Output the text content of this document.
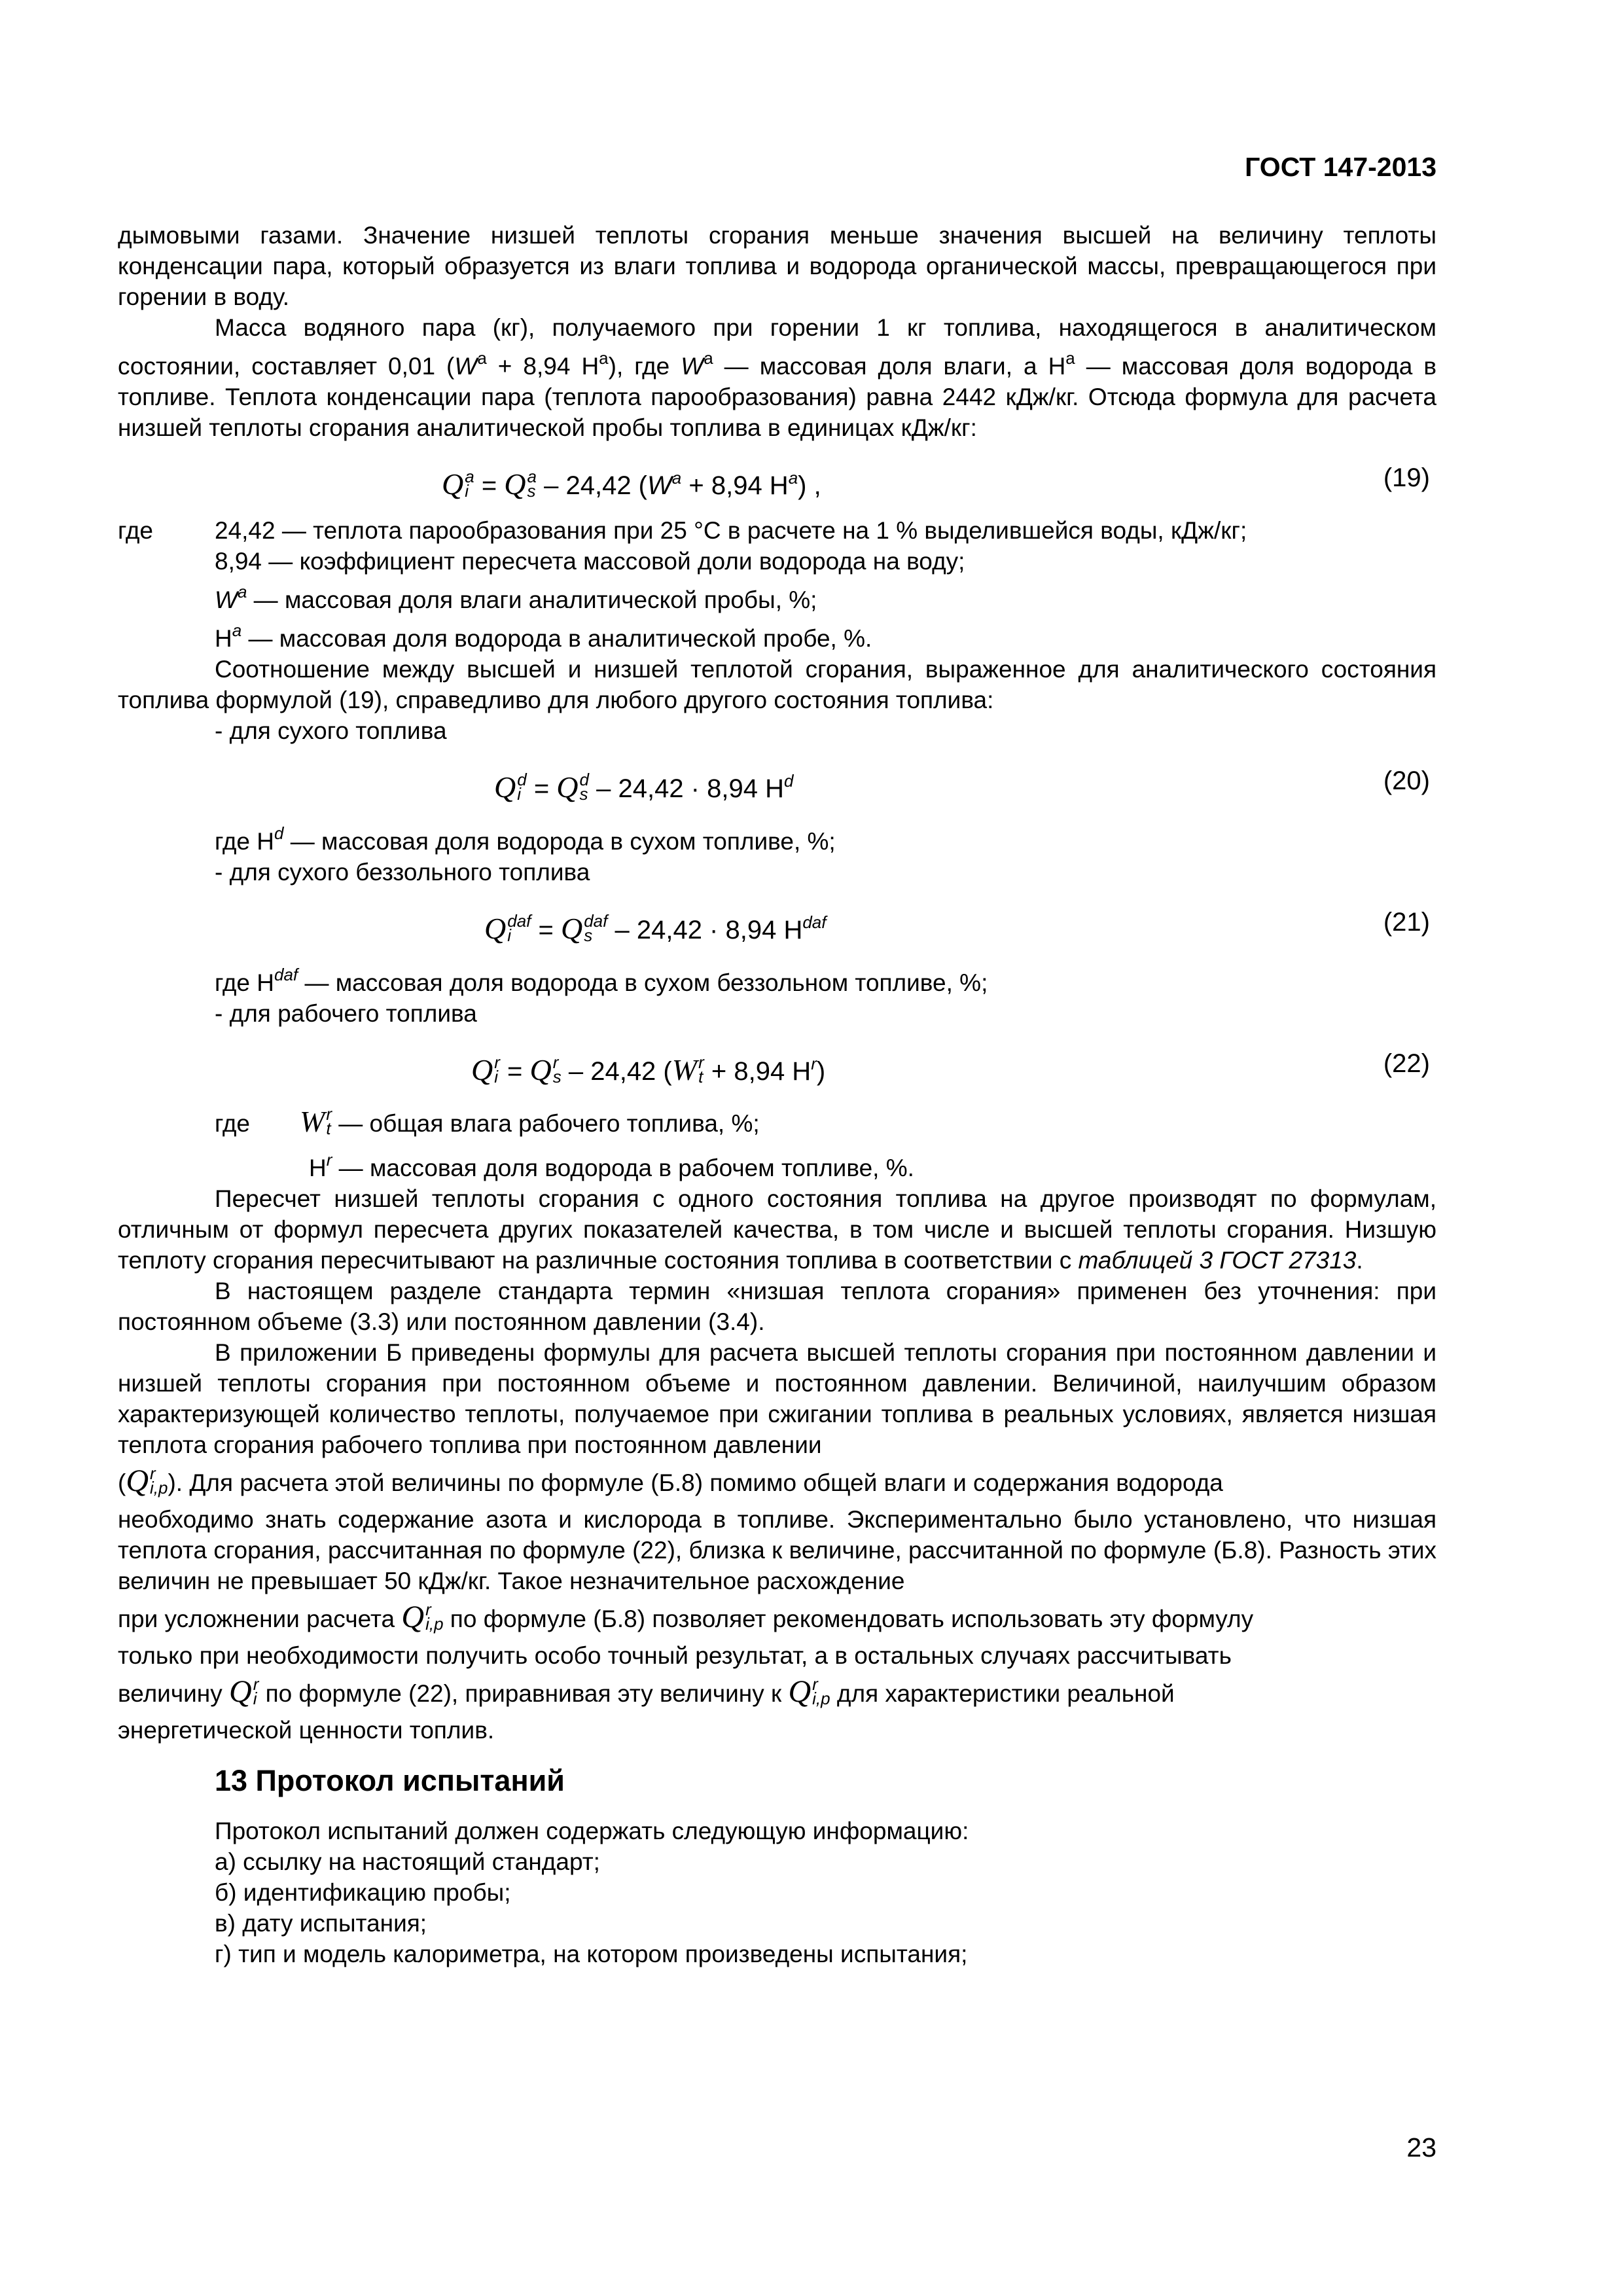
ГОСТ 147-2013

дымовыми газами. Значение низшей теплоты сгорания меньше значения высшей на величину теплоты конденсации пара, который образуется из влаги топлива и водорода органической массы, превращающегося при горении в воду.

Масса водяного пара (кг), получаемого при горении 1 кг топлива, находящегося в аналитическом состоянии, составляет 0,01 ($W^a + 8,94$ $H^a$), где $W^a$ — массовая доля влаги, а $H^a$ — массовая доля водорода в топливе. Теплота конденсации пара (теплота парообразования) равна 2442 кДж/кг. Отсюда формула для расчета низшей теплоты сгорания аналитической пробы топлива в единицах кДж/кг:

Q a
i = Q a
s – 24,42 ($W^a + 8,94$ $H^a$) ,	(19)

где	24,42 — теплота парообразования при 25 °C в расчете на 1 % выделившейся воды, кДж/кг;

8,94 — коэффициент пересчета массовой доли водорода на воду;

$W^a$ — массовая доля влаги аналитической пробы, %;

$H^a$ — массовая доля водорода в аналитической пробе, %.

Соотношение между высшей и низшей теплотой сгорания, выраженное для аналитического состояния топлива формулой (19), справедливо для любого другого состояния топлива:

- для сухого топлива

Q d
i = Q d
s – 24,42 · 8,94 $H^d$	(20)

где $H^d$ — массовая доля водорода в сухом топливе, %;

- для сухого беззольного топлива

Q daf
i = Q daf
s – 24,42 · 8,94 $H^{daf}$	(21)

где $H^{daf}$ — массовая доля водорода в сухом беззольном топливе, %;

- для рабочего топлива

Q r
i = Q r
s – 24,42 (W r
t + 8,94 $H^r$)	(22)

где W r
t — общая влага рабочего топлива, %;

$H^r$ — массовая доля водорода в рабочем топливе, %.

Пересчет низшей теплоты сгорания с одного состояния топлива на другое производят по формулам, отличным от формул пересчета других показателей качества, в том числе и высшей теплоты сгорания. Низшую теплоту сгорания пересчитывают на различные состояния топлива в соответствии с таблицей 3 ГОСТ 27313.

В настоящем разделе стандарта термин «низшая теплота сгорания» применен без уточнения: при постоянном объеме (3.3) или постоянном давлении (3.4).

В приложении Б приведены формулы для расчета высшей теплоты сгорания при постоянном давлении и низшей теплоты сгорания при постоянном объеме и постоянном давлении. Величиной, наилучшим образом характеризующей количество теплоты, получаемое при сжигании топлива в реальных условиях, является низшая теплота сгорания рабочего топлива при постоянном давлении

(Q r
i,p ). Для расчета этой величины по формуле (Б.8) помимо общей влаги и содержания водорода

необходимо знать содержание азота и кислорода в топливе. Экспериментально было установлено, что низшая теплота сгорания, рассчитанная по формуле (22), близка к величине, рассчитанной по формуле (Б.8). Разность этих величин не превышает 50 кДж/кг. Такое незначительное расхождение

при усложнении расчета Q r
i,p по формуле (Б.8) позволяет рекомендовать использовать эту формулу

только при необходимости получить особо точный результат, а в остальных случаях рассчитывать

величину Q r
i по формуле (22), приравнивая эту величину к Q r
i,p для характеристики реальной

энергетической ценности топлив.

13 Протокол испытаний

Протокол испытаний должен содержать следующую информацию:

а) ссылку на настоящий стандарт;

б) идентификацию пробы;

в) дату испытания;

г) тип и модель калориметра, на котором произведены испытания;

23
